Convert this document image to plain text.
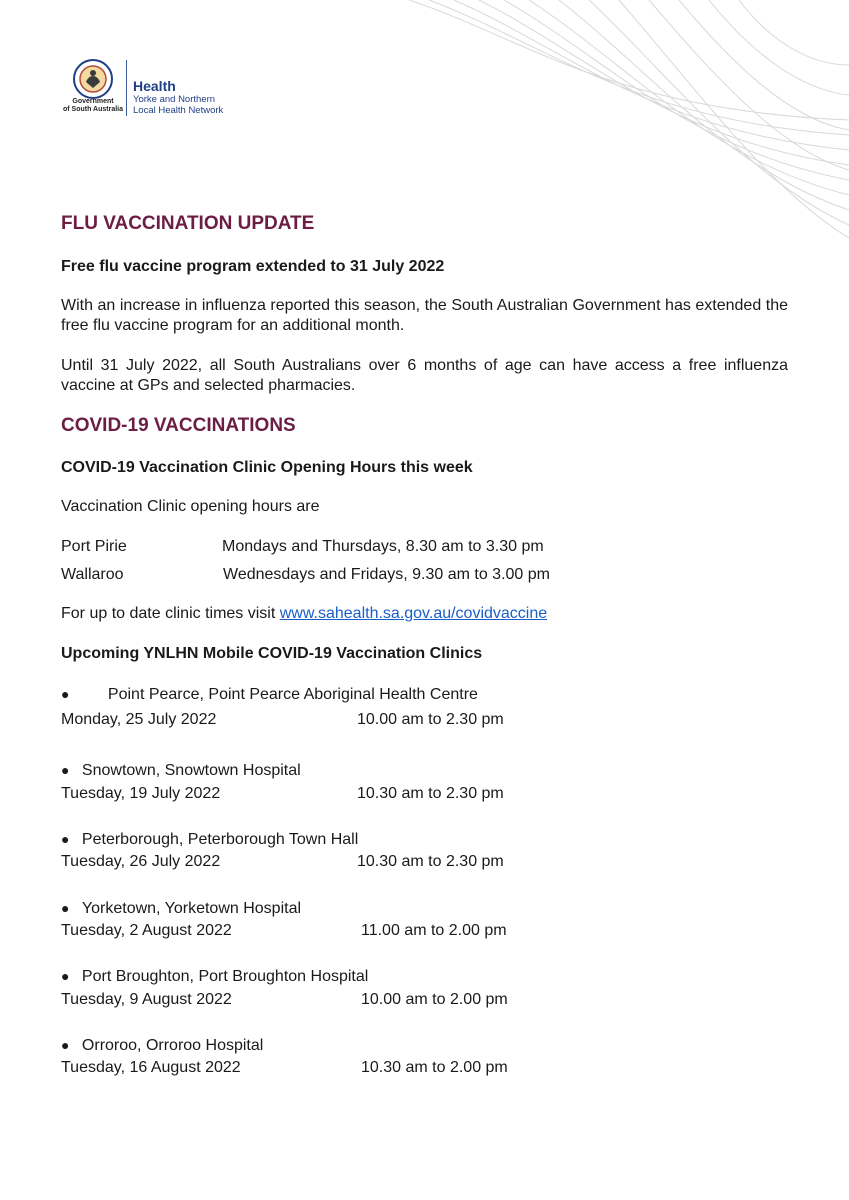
Government
of South Australia
Health
Yorke and Northern
Local Health Network
FLU VACCINATION UPDATE
Free flu vaccine program extended to 31 July 2022
With an increase in influenza reported this season, the South Australian Government has extended the free flu vaccine program for an additional month.
Until 31 July 2022, all South Australians over 6 months of age can have access a free influenza vaccine at GPs and selected pharmacies.
COVID-19 VACCINATIONS
COVID-19 Vaccination Clinic Opening Hours this week
Vaccination Clinic opening hours are
Port Pirie	Mondays and Thursdays, 8.30 am to 3.30 pm
Wallaroo	Wednesdays and Fridays, 9.30 am to 3.00 pm
For up to date clinic times visit www.sahealth.sa.gov.au/covidvaccine
Upcoming YNLHN Mobile COVID-19 Vaccination Clinics
● Point Pearce, Point Pearce Aboriginal Health Centre
Monday, 25 July 2022	10.00 am to 2.30 pm
● Snowtown, Snowtown Hospital
Tuesday, 19 July 2022	10.30 am to 2.30 pm
● Peterborough, Peterborough Town Hall
Tuesday, 26 July 2022	10.30 am to 2.30 pm
● Yorketown, Yorketown Hospital
Tuesday, 2 August 2022	11.00 am to 2.00 pm
● Port Broughton, Port Broughton Hospital
Tuesday, 9 August 2022	10.00 am to 2.00 pm
● Orroroo, Orroroo Hospital
Tuesday, 16 August 2022	10.30 am to 2.00 pm
